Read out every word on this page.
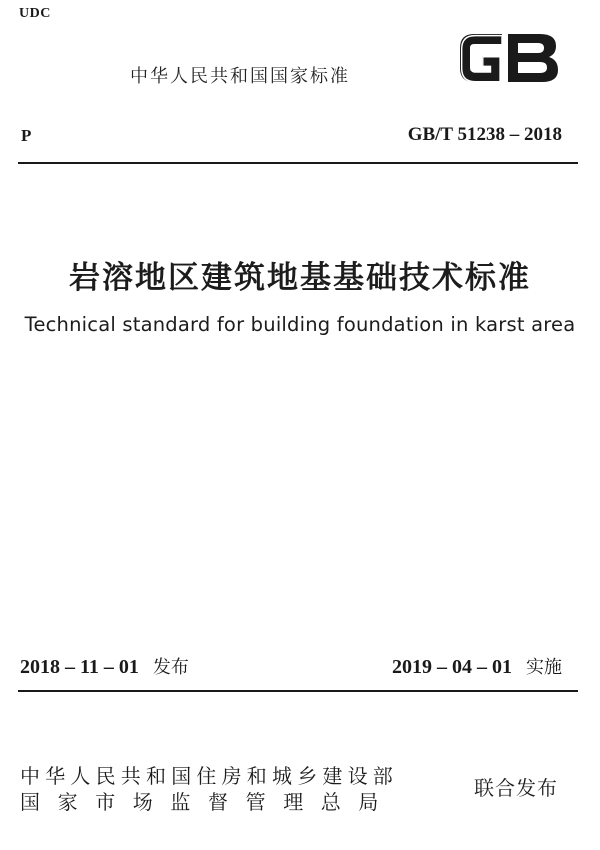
UDC
中华人民共和国国家标准
P	GB/T 51238 – 2018
岩溶地区建筑地基基础技术标准
Technical standard for building foundation in karst area
2018 – 11 – 01 发布	2019 – 04 – 01 实施
中华人民共和国住房和城乡建设部
国家市场监督管理总局
联合发布
